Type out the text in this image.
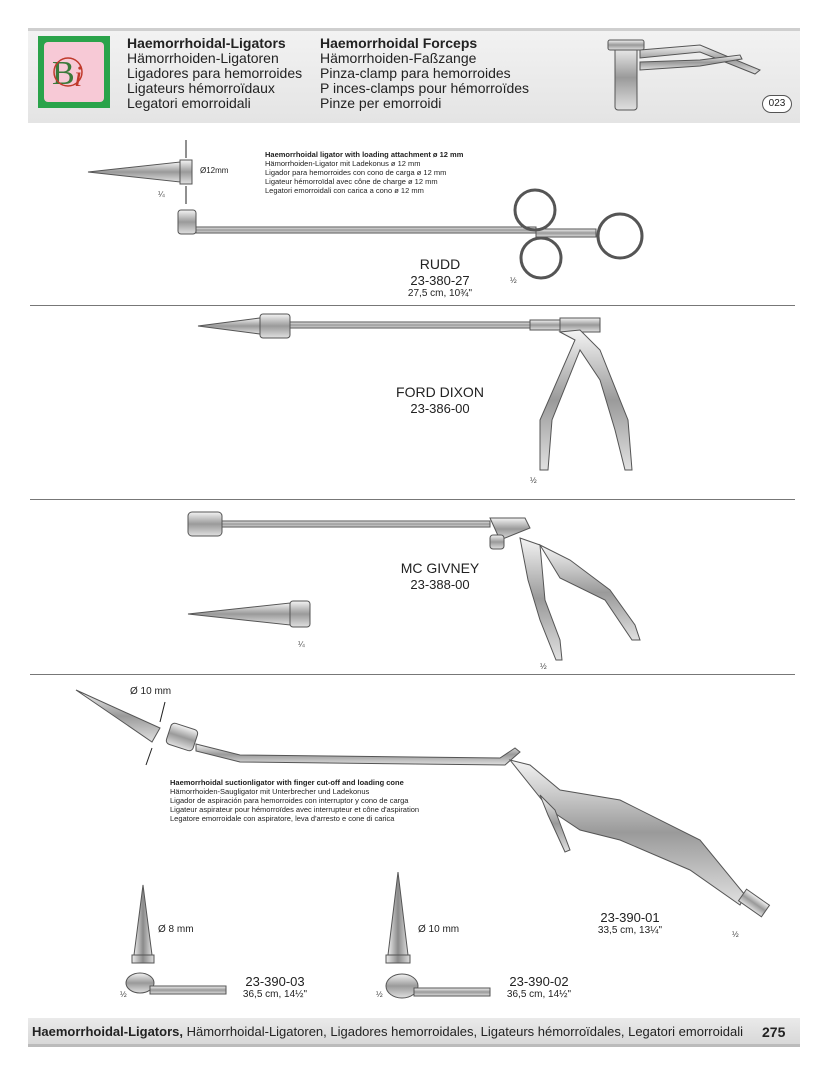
B i
Haemorrhoidal-Ligators
Hämorrhoiden-Ligatoren
Ligadores para hemorroides
Ligateurs hémorroïdaux
Legatori emorroidali
Haemorrhoidal Forceps
Hämorrhoiden-Faßzange
Pinza-clamp para hemorroides
P inces-clamps pour hémorroïdes
Pinze per emorroidi	023
Haemorrhoidal ligator with loading attachment ø 12 mm
Hämorrhoiden-Ligator mit Ladekonus ø 12 mm
Ligador para hemorroides con cono de carga ø 12 mm
Ligateur hémorroïdal avec cône de charge ø 12 mm
Legatori emorroidali con carica a cono ø 12 mm
Ø12mm
¼
RUDD
23-380-27
27,5 cm, 10¾"
½
FORD DIXON
23-386-00
½
MC GIVNEY
23-388-00
¼
½
Ø 10 mm
Haemorrhoidal suctionligator with finger cut-off and loading cone
Hämorrhoiden-Saugligator mit Unterbrecher und Ladekonus
Ligador de aspiración para hemorroides con interruptor y cono de carga
Ligateur aspirateur pour hémorroïdes avec interrupteur et cône d'aspiration
Legatore emorroidale con aspiratore, leva d'arresto e cone di carica
23-390-01
33,5 cm, 13¼"	½
Ø 8 mm
23-390-03
36,5 cm, 14½"
½
Ø 10 mm
23-390-02
36,5 cm, 14½"
½
Haemorrhoidal-Ligators, Hämorrhoidal-Ligatoren, Ligadores hemorroidales, Ligateurs hémorroïdales, Legatori emorroidali 275
